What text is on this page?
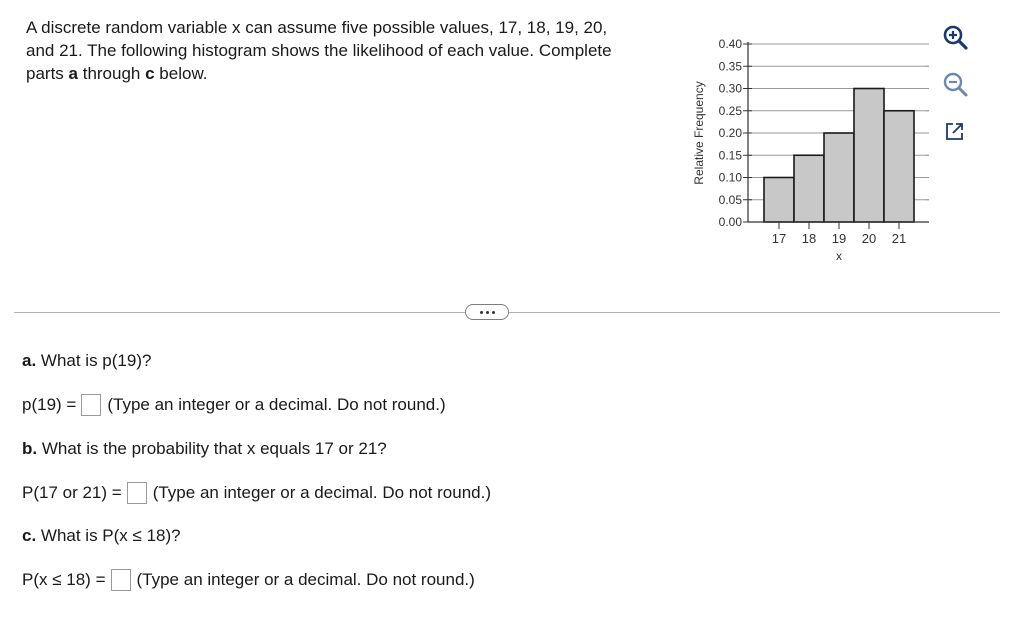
A discrete random variable x can assume five possible values, 17, 18, 19, 20,
and 21. The following histogram shows the likelihood of each value. Complete
parts a through c below.
0.00
0.05
0.10
0.15
0.20
0.25
0.30
0.35
0.40
17 18 19 20 21
Relative Frequency
x
a. What is p(19)?
p(19) = (Type an integer or a decimal. Do not round.)
b. What is the probability that x equals 17 or 21?
P(17 or 21) = (Type an integer or a decimal. Do not round.)
c. What is P(x ≤ 18)?
P(x ≤ 18) = (Type an integer or a decimal. Do not round.)
